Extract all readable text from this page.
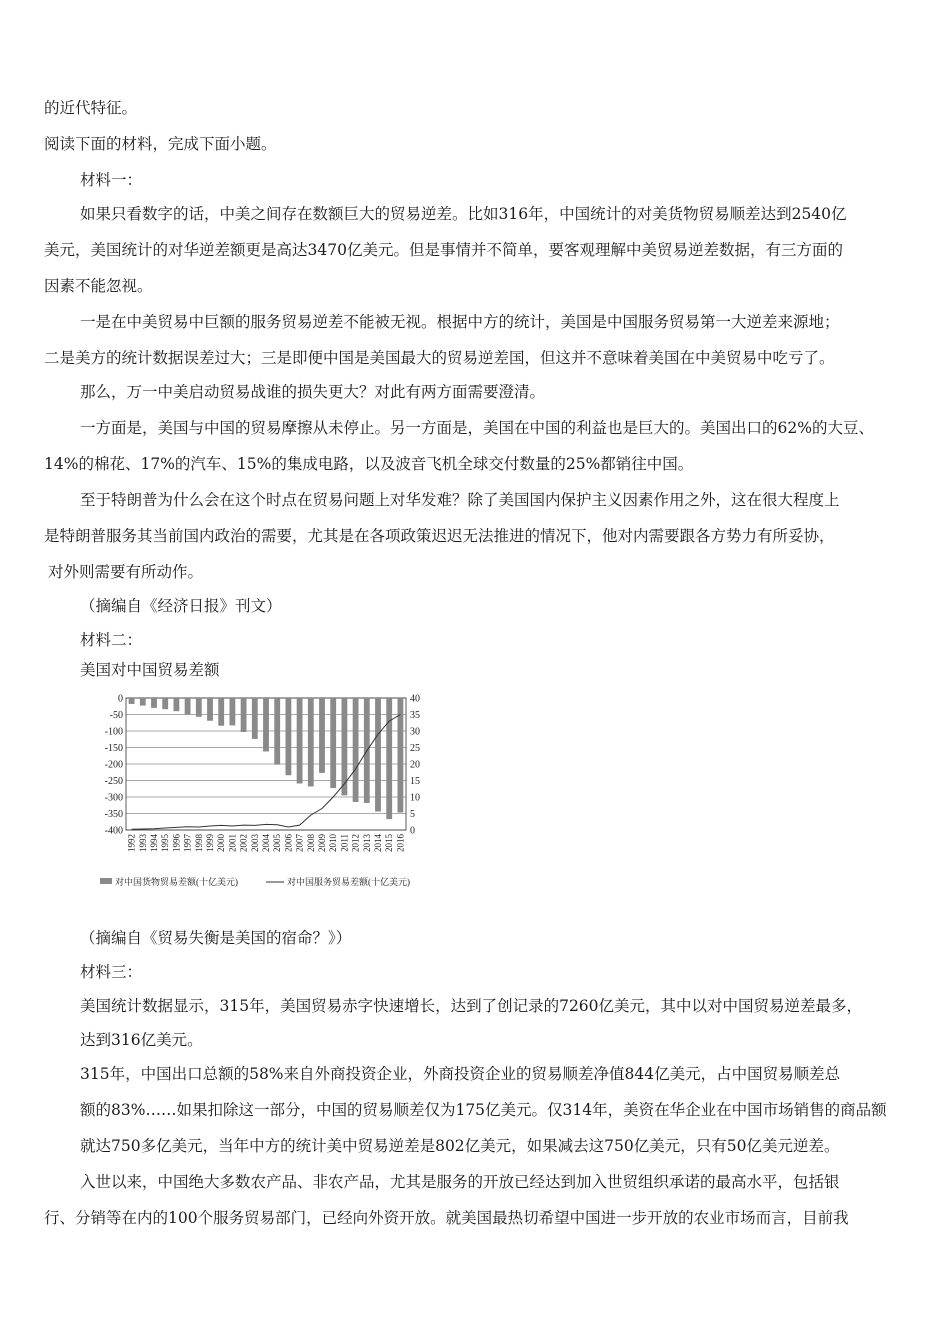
的近代特征。
阅读下面的材料，完成下面小题。
材料一：
如果只看数字的话，中美之间存在数额巨大的贸易逆差。比如316年，中国统计的对美货物贸易顺差达到2540亿
美元，美国统计的对华逆差额更是高达3470亿美元。但是事情并不简单，要客观理解中美贸易逆差数据，有三方面的
因素不能忽视。
一是在中美贸易中巨额的服务贸易逆差不能被无视。根据中方的统计，美国是中国服务贸易第一大逆差来源地；
二是美方的统计数据误差过大；三是即便中国是美国最大的贸易逆差国，但这并不意味着美国在中美贸易中吃亏了。
那么，万一中美启动贸易战谁的损失更大？对此有两方面需要澄清。
一方面是，美国与中国的贸易摩擦从未停止。另一方面是，美国在中国的利益也是巨大的。美国出口的62%的大豆、
14%的棉花、17%的汽车、15%的集成电路，以及波音飞机全球交付数量的25%都销往中国。
至于特朗普为什么会在这个时点在贸易问题上对华发难？除了美国国内保护主义因素作用之外，这在很大程度上
是特朗普服务其当前国内政治的需要，尤其是在各项政策迟迟无法推进的情况下，他对内需要跟各方势力有所妥协，
对外则需要有所动作。
（摘编自《经济日报》刊文）
材料二：
美国对中国贸易差额
0
-50
-100
-150
-200
-250
-300
-350
-400
40
35
30
25
20
15
10
5
0
1992 1993 1994 1995 1996 1997 1998 1999 2000 2001 2002 2003 2004 2005 2006 2007 2008 2009 2010 2011 2012 2013 2014 2015 2016
对中国货物贸易差额(十亿美元)	对中国服务贸易差额(十亿美元)
（摘编自《贸易失衡是美国的宿命？》）
材料三：
美国统计数据显示，315年，美国贸易赤字快速增长，达到了创记录的7260亿美元，其中以对中国贸易逆差最多，
达到316亿美元。
315年，中国出口总额的58%来自外商投资企业，外商投资企业的贸易顺差净值844亿美元，占中国贸易顺差总
额的83%……如果扣除这一部分，中国的贸易顺差仅为175亿美元。仅314年，美资在华企业在中国市场销售的商品额
就达750多亿美元，当年中方的统计美中贸易逆差是802亿美元，如果减去这750亿美元，只有50亿美元逆差。
入世以来，中国绝大多数农产品、非农产品，尤其是服务的开放已经达到加入世贸组织承诺的最高水平，包括银
行、分销等在内的100个服务贸易部门，已经向外资开放。就美国最热切希望中国进一步开放的农业市场而言，目前我
